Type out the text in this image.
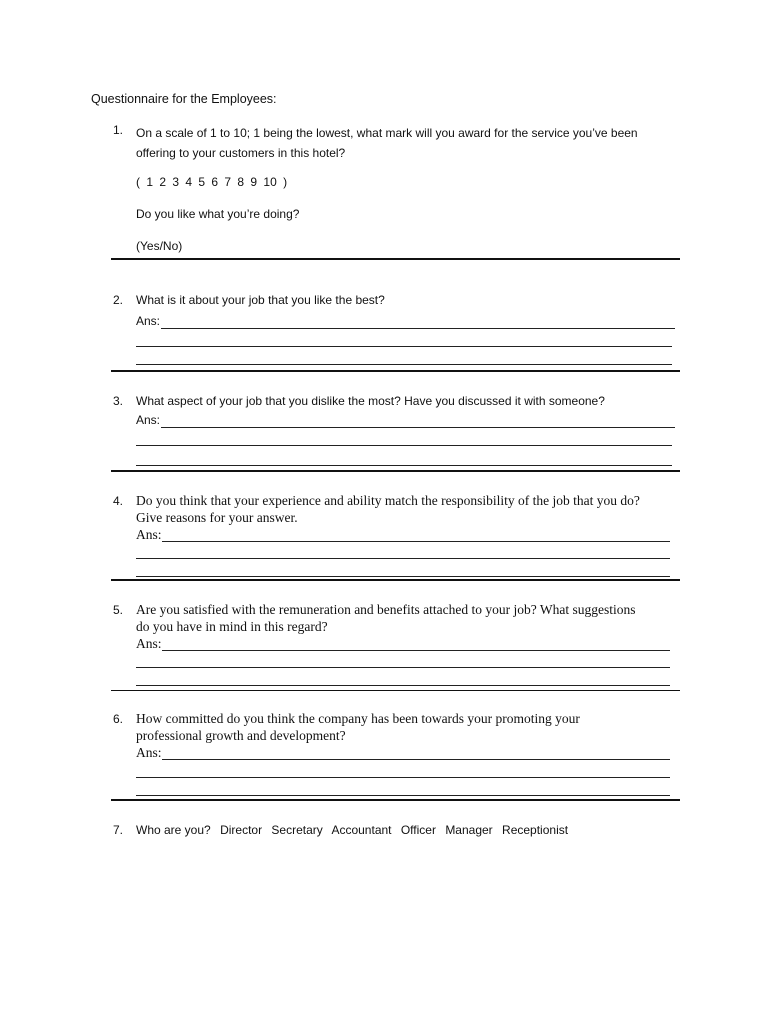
Questionnaire for the Employees:
1. On a scale of 1 to 10; 1 being the lowest, what mark will you award for the service you’ve been
offering to your customers in this hotel?
( 1 2 3 4 5 6 7 8 9 10 )
Do you like what you’re doing?
(Yes/No)
2. What is it about your job that you like the best?
Ans:
3. What aspect of your job that you dislike the most? Have you discussed it with someone?
Ans:
4. Do you think that your experience and ability match the responsibility of the job that you do?
Give reasons for your answer.
Ans:
5. Are you satisfied with the remuneration and benefits attached to your job? What suggestions
do you have in mind in this regard?
Ans:
6. How committed do you think the company has been towards your promoting your
professional growth and development?
Ans:
7. Who are you? Director Secretary Accountant Officer Manager Receptionist
